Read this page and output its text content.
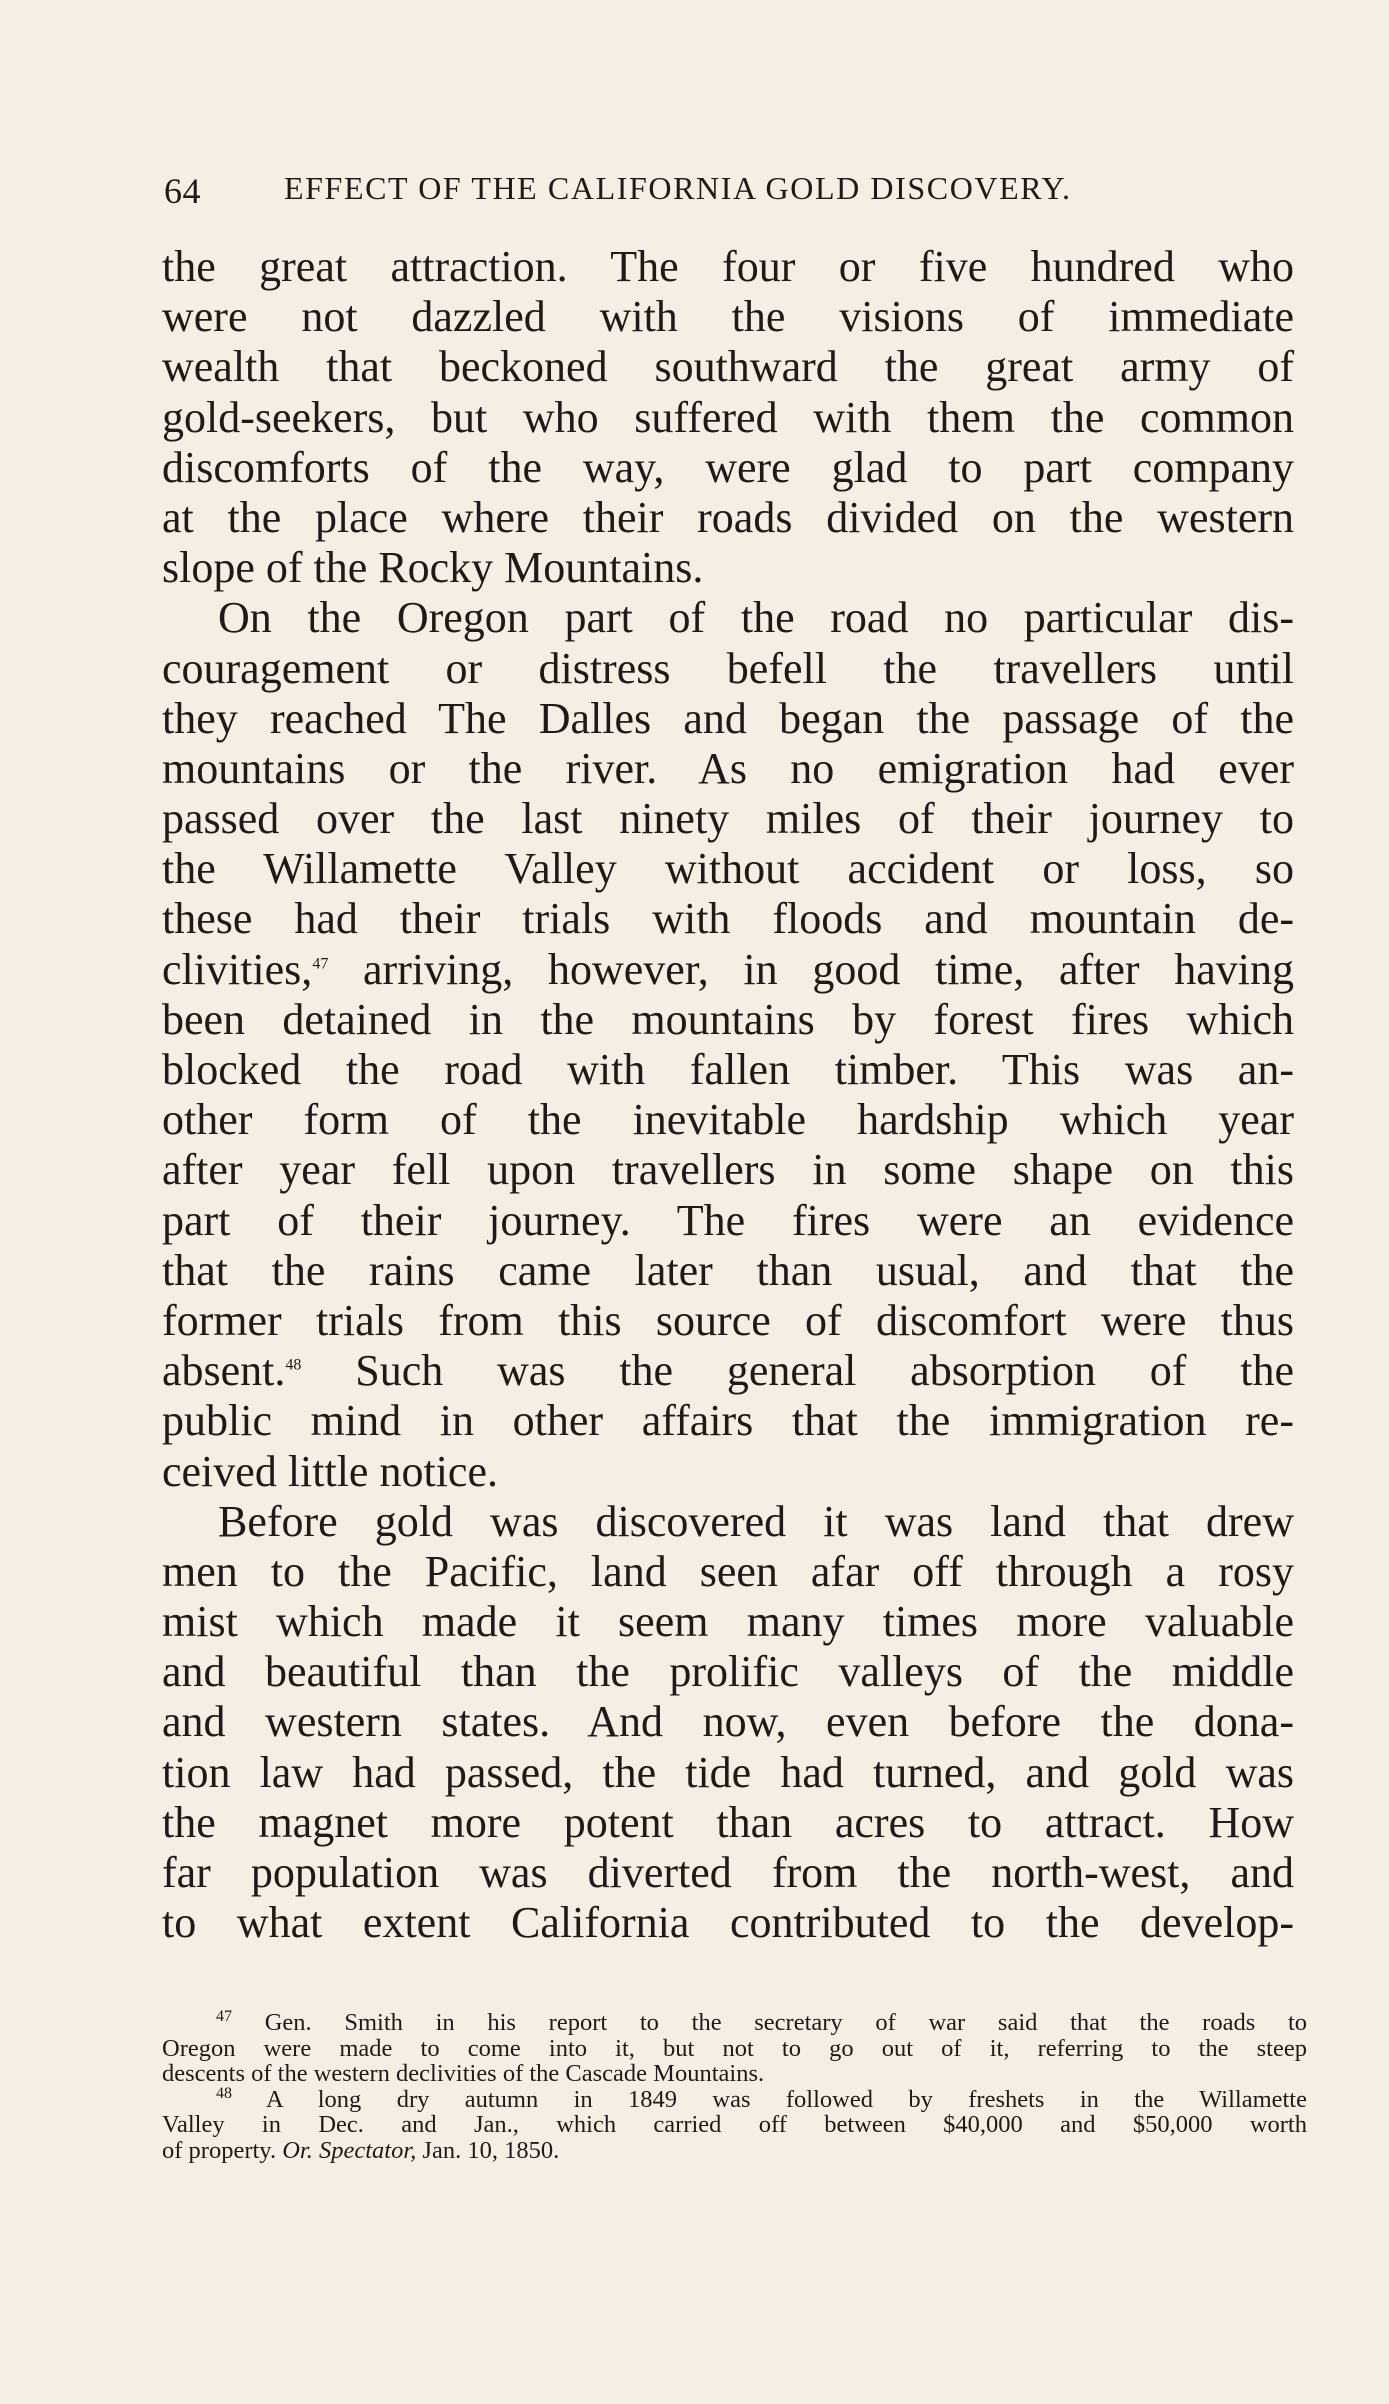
64	EFFECT OF THE CALIFORNIA GOLD DISCOVERY.
the great attraction. The four or five hundred who
were not dazzled with the visions of immediate
wealth that beckoned southward the great army of
gold-seekers, but who suffered with them the common
discomforts of the way, were glad to part company
at the place where their roads divided on the western
slope of the Rocky Mountains.
On the Oregon part of the road no particular dis-
couragement or distress befell the travellers until
they reached The Dalles and began the passage of the
mountains or the river. As no emigration had ever
passed over the last ninety miles of their journey to
the Willamette Valley without accident or loss, so
these had their trials with floods and mountain de-
clivities,$^{47}$ arriving, however, in good time, after having
been detained in the mountains by forest fires which
blocked the road with fallen timber. This was an-
other form of the inevitable hardship which year
after year fell upon travellers in some shape on this
part of their journey. The fires were an evidence
that the rains came later than usual, and that the
former trials from this source of discomfort were thus
absent.$^{48}$ Such was the general absorption of the
public mind in other affairs that the immigration re-
ceived little notice.
Before gold was discovered it was land that drew
men to the Pacific, land seen afar off through a rosy
mist which made it seem many times more valuable
and beautiful than the prolific valleys of the middle
and western states. And now, even before the dona-
tion law had passed, the tide had turned, and gold was
the magnet more potent than acres to attract. How
far population was diverted from the north-west, and
to what extent California contributed to the develop-
$^{47}$ Gen. Smith in his report to the secretary of war said that the roads to
Oregon were made to come into it, but not to go out of it, referring to the steep
descents of the western declivities of the Cascade Mountains.
$^{48}$ A long dry autumn in 1849 was followed by freshets in the Willamette
Valley in Dec. and Jan., which carried off between $40,000 and $50,000 worth
of property. Or. Spectator, Jan. 10, 1850.
